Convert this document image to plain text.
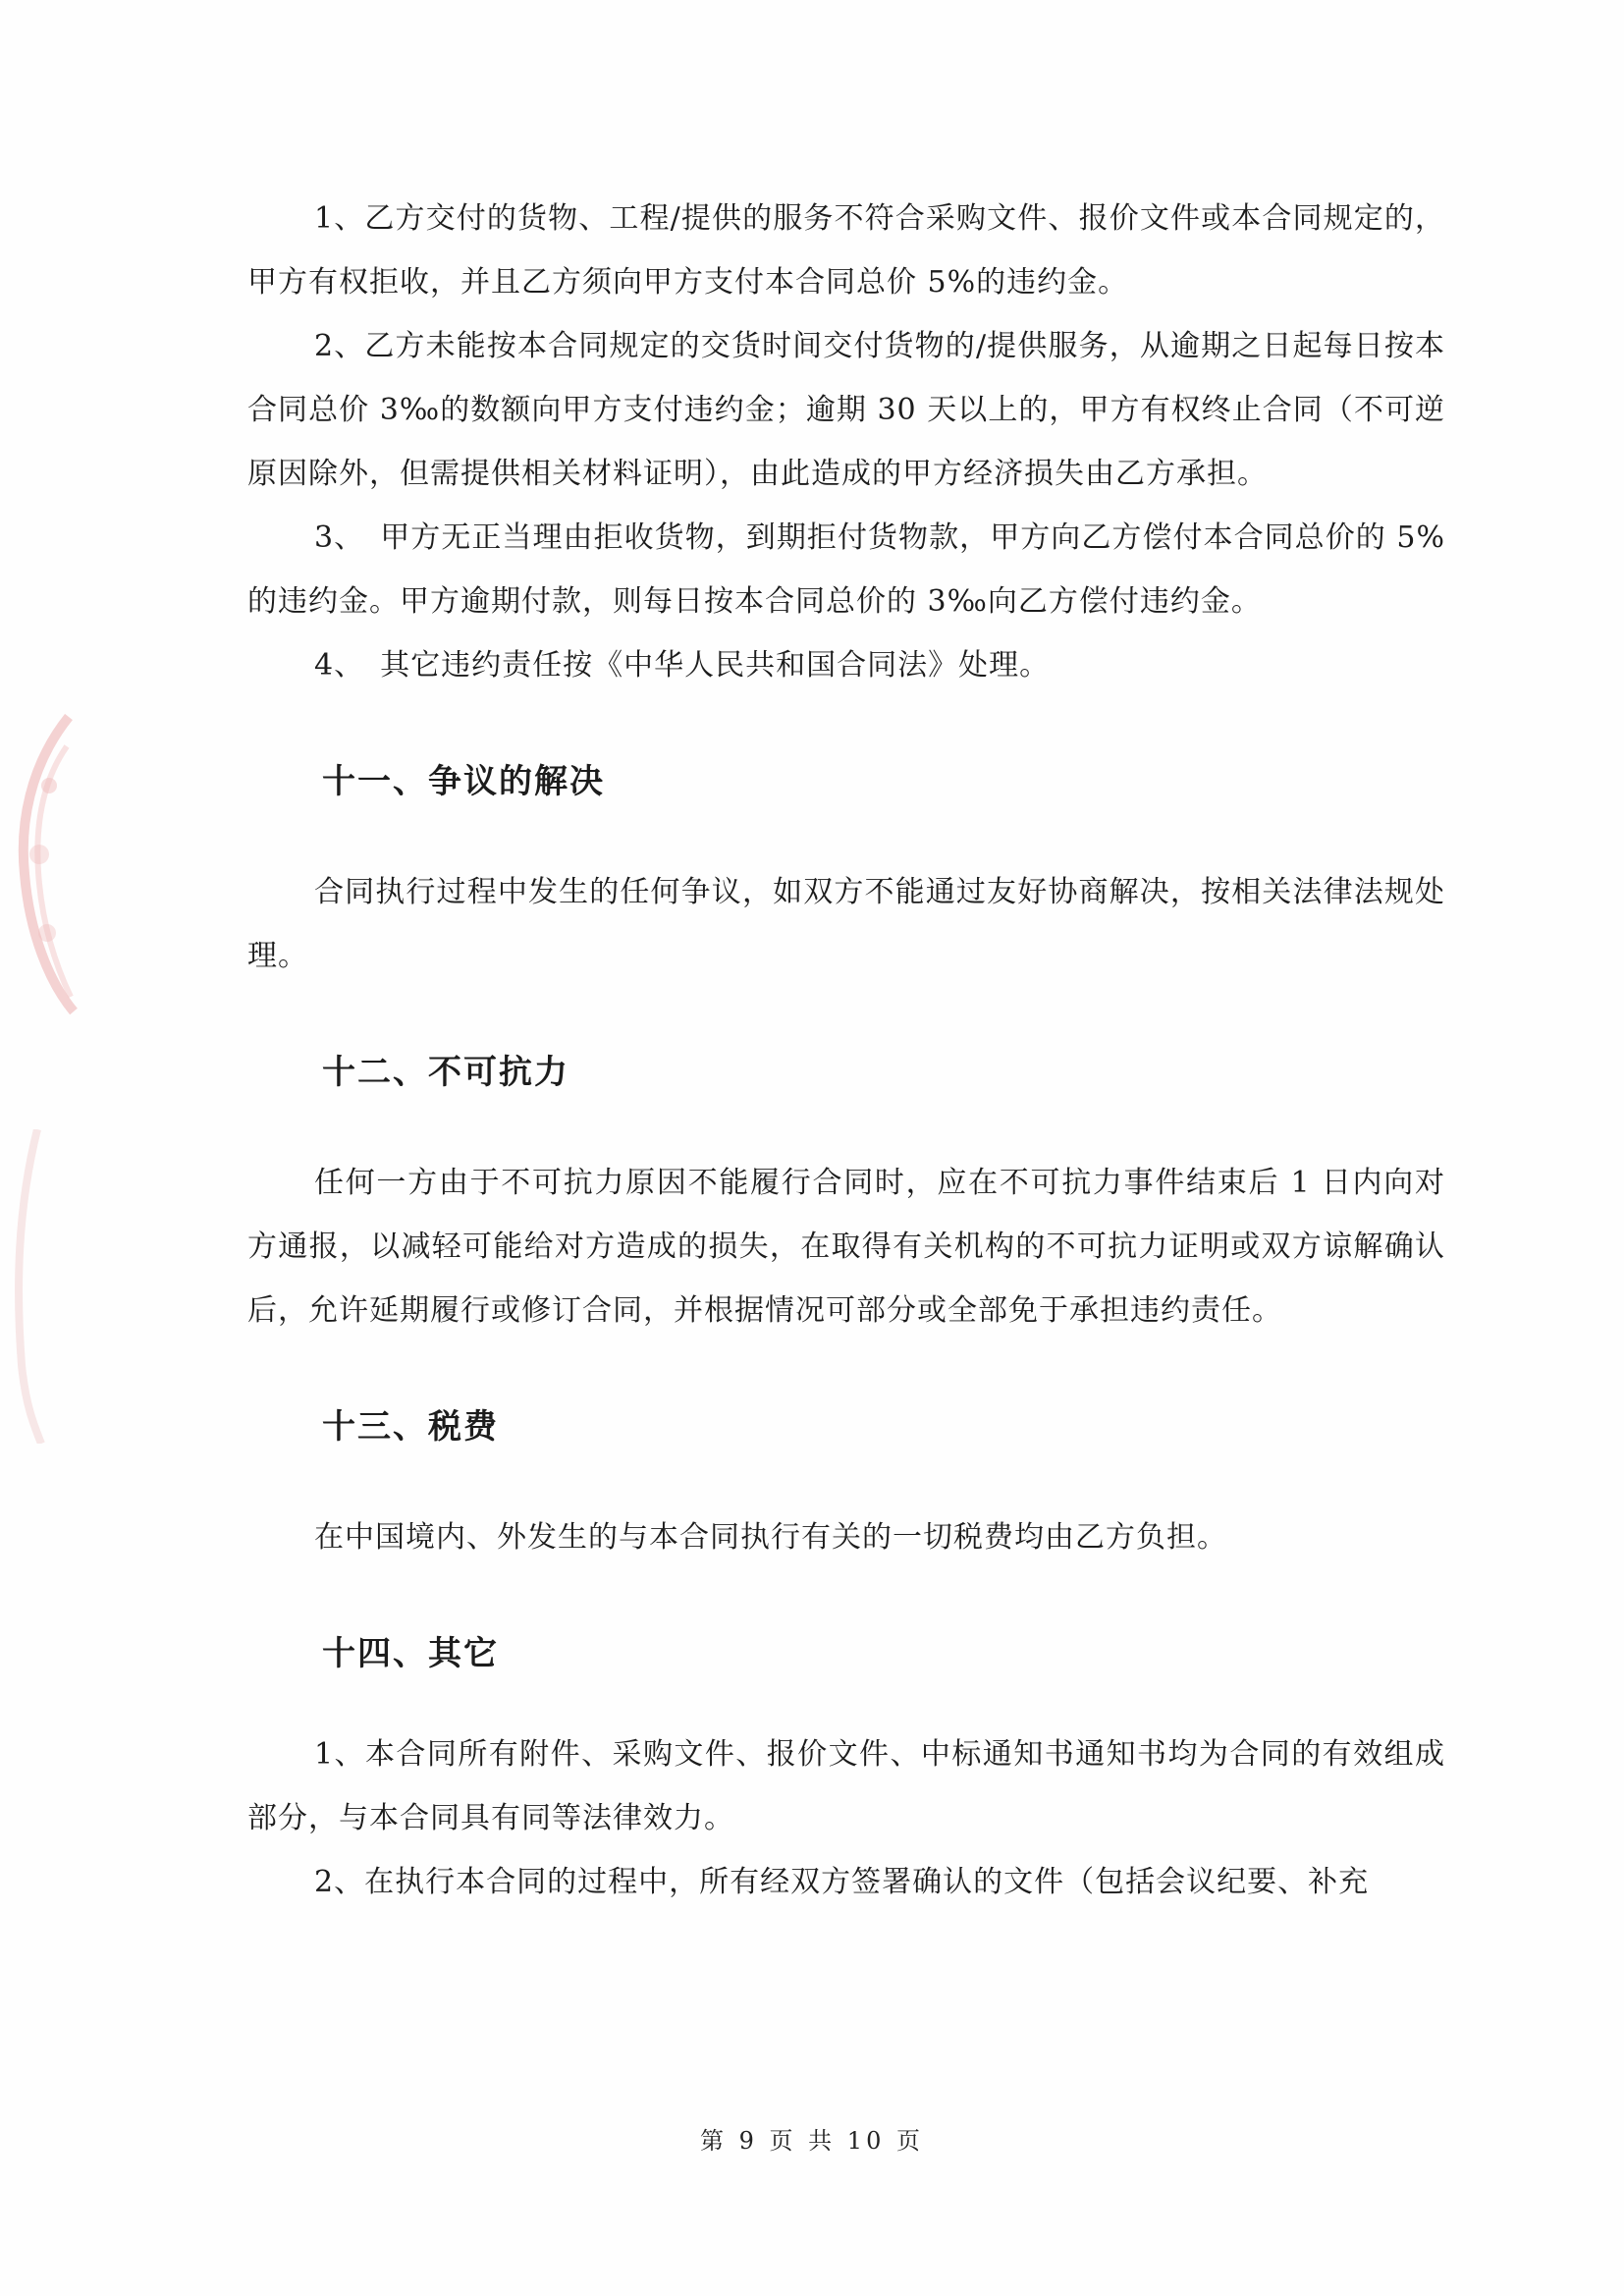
1、乙方交付的货物、工程/提供的服务不符合采购文件、报价文件或本合同规定的，甲方有权拒收，并且乙方须向甲方支付本合同总价 5%的违约金。

2、乙方未能按本合同规定的交货时间交付货物的/提供服务，从逾期之日起每日按本合同总价 3‰的数额向甲方支付违约金；逾期 30 天以上的，甲方有权终止合同（不可逆原因除外，但需提供相关材料证明），由此造成的甲方经济损失由乙方承担。

3、　甲方无正当理由拒收货物，到期拒付货物款，甲方向乙方偿付本合同总价的 5%的违约金。甲方逾期付款，则每日按本合同总价的 3‰向乙方偿付违约金。

4、　其它违约责任按《中华人民共和国合同法》处理。

十一、争议的解决

合同执行过程中发生的任何争议，如双方不能通过友好协商解决，按相关法律法规处理。

十二、不可抗力

任何一方由于不可抗力原因不能履行合同时，应在不可抗力事件结束后 1 日内向对方通报，以减轻可能给对方造成的损失，在取得有关机构的不可抗力证明或双方谅解确认后，允许延期履行或修订合同，并根据情况可部分或全部免于承担违约责任。

十三、税费

在中国境内、外发生的与本合同执行有关的一切税费均由乙方负担。

十四、其它

1、本合同所有附件、采购文件、报价文件、中标通知书通知书均为合同的有效组成部分，与本合同具有同等法律效力。

2、在执行本合同的过程中，所有经双方签署确认的文件（包括会议纪要、补充

第 9 页 共 10 页
